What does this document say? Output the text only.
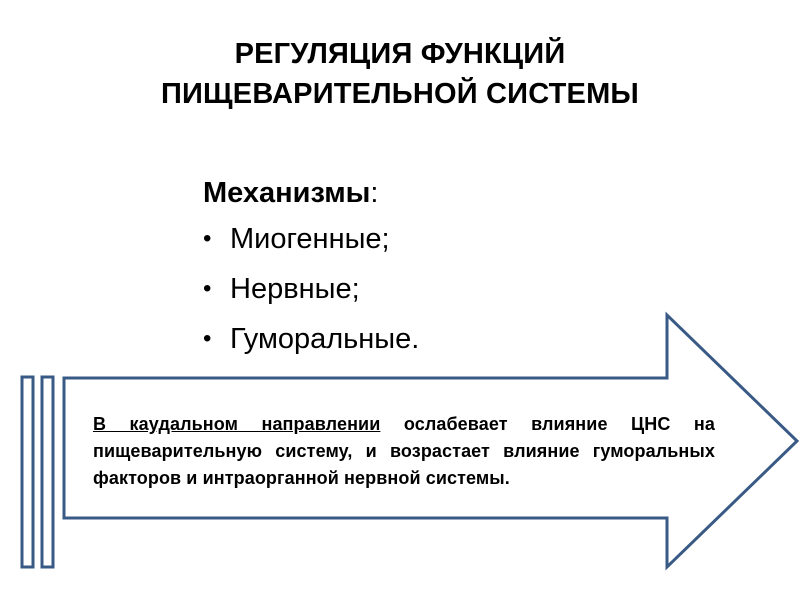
РЕГУЛЯЦИЯ ФУНКЦИЙ
ПИЩЕВАРИТЕЛЬНОЙ СИСТЕМЫ
Механизмы:
• Миогенные;
• Нервные;
• Гуморальные.
В каудальном направлении ослабевает влияние ЦНС на пищеварительную систему, и возрастает влияние гуморальных факторов и интраорганной нервной системы.
